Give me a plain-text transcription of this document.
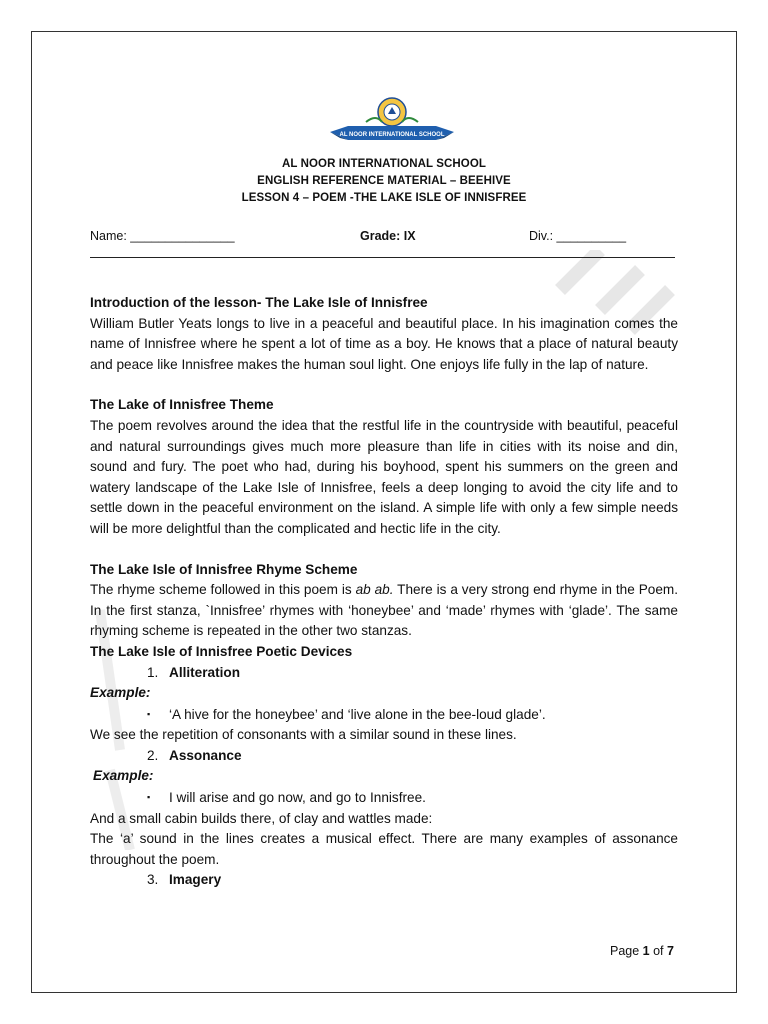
AL NOOR INTERNATIONAL SCHOOL
AL NOOR INTERNATIONAL SCHOOL
ENGLISH REFERENCE MATERIAL – BEEHIVE
LESSON 4 – POEM -THE LAKE ISLE OF INNISFREE
Name: _______________	Grade: IX	Div.: __________

Introduction of the lesson- The Lake Isle of Innisfree

William Butler Yeats longs to live in a peaceful and beautiful place. In his imagination comes the name of Innisfree where he spent a lot of time as a boy. He knows that a place of natural beauty and peace like Innisfree makes the human soul light. One enjoys life fully in the lap of nature.

The Lake of Innisfree Theme

The poem revolves around the idea that the restful life in the countryside with beautiful, peaceful and natural surroundings gives much more pleasure than life in cities with its noise and din, sound and fury. The poet who had, during his boyhood, spent his summers on the green and watery landscape of the Lake Isle of Innisfree, feels a deep longing to avoid the city life and to settle down in the peaceful environment on the island. A simple life with only a few simple needs will be more delightful than the complicated and hectic life in the city.

The Lake Isle of Innisfree Rhyme Scheme

The rhyme scheme followed in this poem is ab ab. There is a very strong end rhyme in the Poem. In the first stanza, `Innisfree’ rhymes with ‘honeybee’ and ‘made’ rhymes with ‘glade’. The same rhyming scheme is repeated in the other two stanzas.

The Lake Isle of Innisfree Poetic Devices

1. Alliteration

Example:

▪ ‘A hive for the honeybee’ and ‘live alone in the bee-loud glade’.

We see the repetition of consonants with a similar sound in these lines.

2. Assonance

Example:

▪ I will arise and go now, and go to Innisfree.

And a small cabin builds there, of clay and wattles made:

The ‘a’ sound in the lines creates a musical effect. There are many examples of assonance throughout the poem.

3. Imagery

Page 1 of 7
